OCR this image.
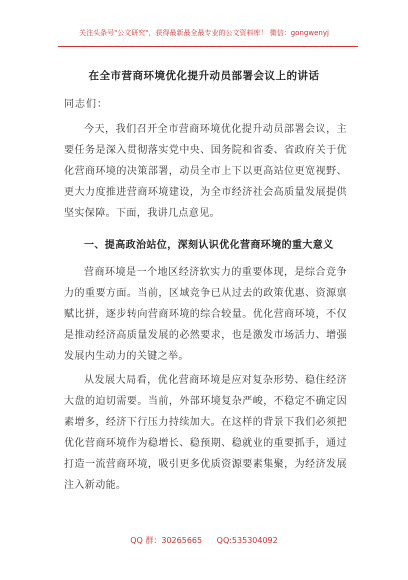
关注头条号"公文研究"，获得最新最全最专业的公文资料库！ 微信：gongwenyj
在全市营商环境优化提升动员部署会议上的讲话
同志们：

今天，我们召开全市营商环境优化提升动员部署会议，主要任务是深入贯彻落实党中央、国务院和省委、省政府关于优化营商环境的决策部署，动员全市上下以更高站位更宽视野、更大力度推进营商环境建设，为全市经济社会高质量发展提供坚实保障。下面，我讲几点意见。

一、提高政治站位，深刻认识优化营商环境的重大意义

营商环境是一个地区经济软实力的重要体现，是综合竞争力的重要方面。当前，区域竞争已从过去的政策优惠、资源禀赋比拼，逐步转向营商环境的综合较量。优化营商环境，不仅是推动经济高质量发展的必然要求，也是激发市场活力、增强发展内生动力的关键之举。

从发展大局看，优化营商环境是应对复杂形势、稳住经济大盘的迫切需要。当前，外部环境复杂严峻，不稳定不确定因素增多，经济下行压力持续加大。在这样的背景下我们必须把优化营商环境作为稳增长、稳预期、稳就业的重要抓手，通过打造一流营商环境，吸引更多优质资源要素集聚，为经济发展注入新动能。

QQ 群：30265665 QQ:535304092
